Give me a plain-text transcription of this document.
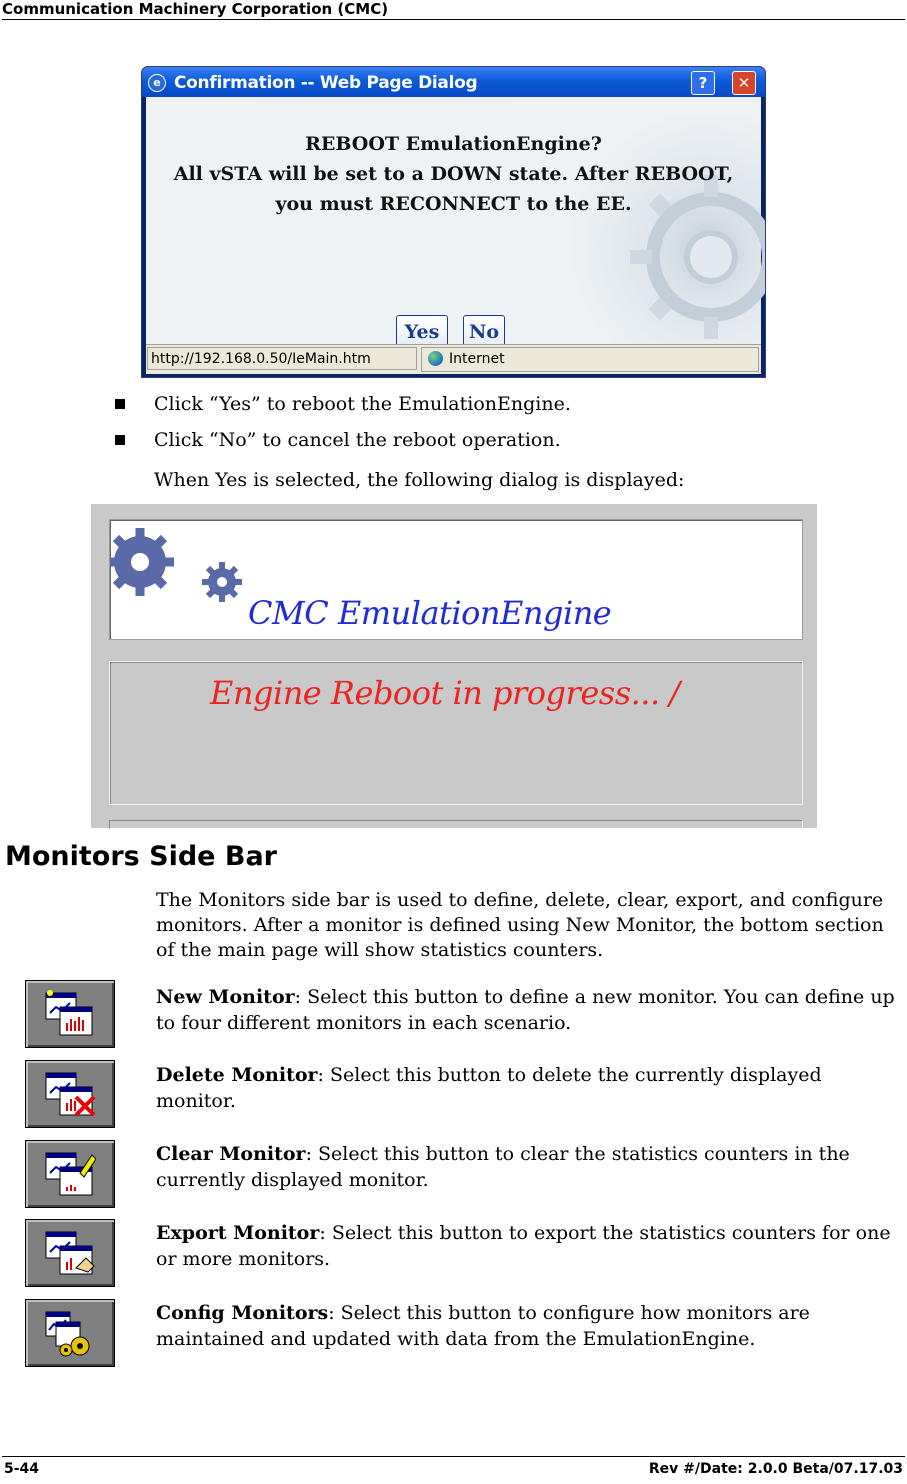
Communication Machinery Corporation (CMC)
e Confirmation -- Web Page Dialog	?	✕
REBOOT EmulationEngine?
All vSTA will be set to a DOWN state. After REBOOT,
you must RECONNECT to the EE.
Yes	No
http://192.168.0.50/IeMain.htm	Internet
Click “Yes” to reboot the EmulationEngine.
Click “No” to cancel the reboot operation.
When Yes is selected, the following dialog is displayed:
CMC EmulationEngine
Engine Reboot in progress... /
Monitors Side Bar
The Monitors side bar is used to define, delete, clear, export, and configure monitors. After a monitor is defined using New Monitor, the bottom section of the main page will show statistics counters.
New Monitor: Select this button to define a new monitor. You can define up to four different monitors in each scenario.
Delete Monitor: Select this button to delete the currently displayed monitor.
Clear Monitor: Select this button to clear the statistics counters in the currently displayed monitor.
Export Monitor: Select this button to export the statistics counters for one or more monitors.
Config Monitors: Select this button to configure how monitors are maintained and updated with data from the EmulationEngine.
5-44	Rev #/Date: 2.0.0 Beta/07.17.03
